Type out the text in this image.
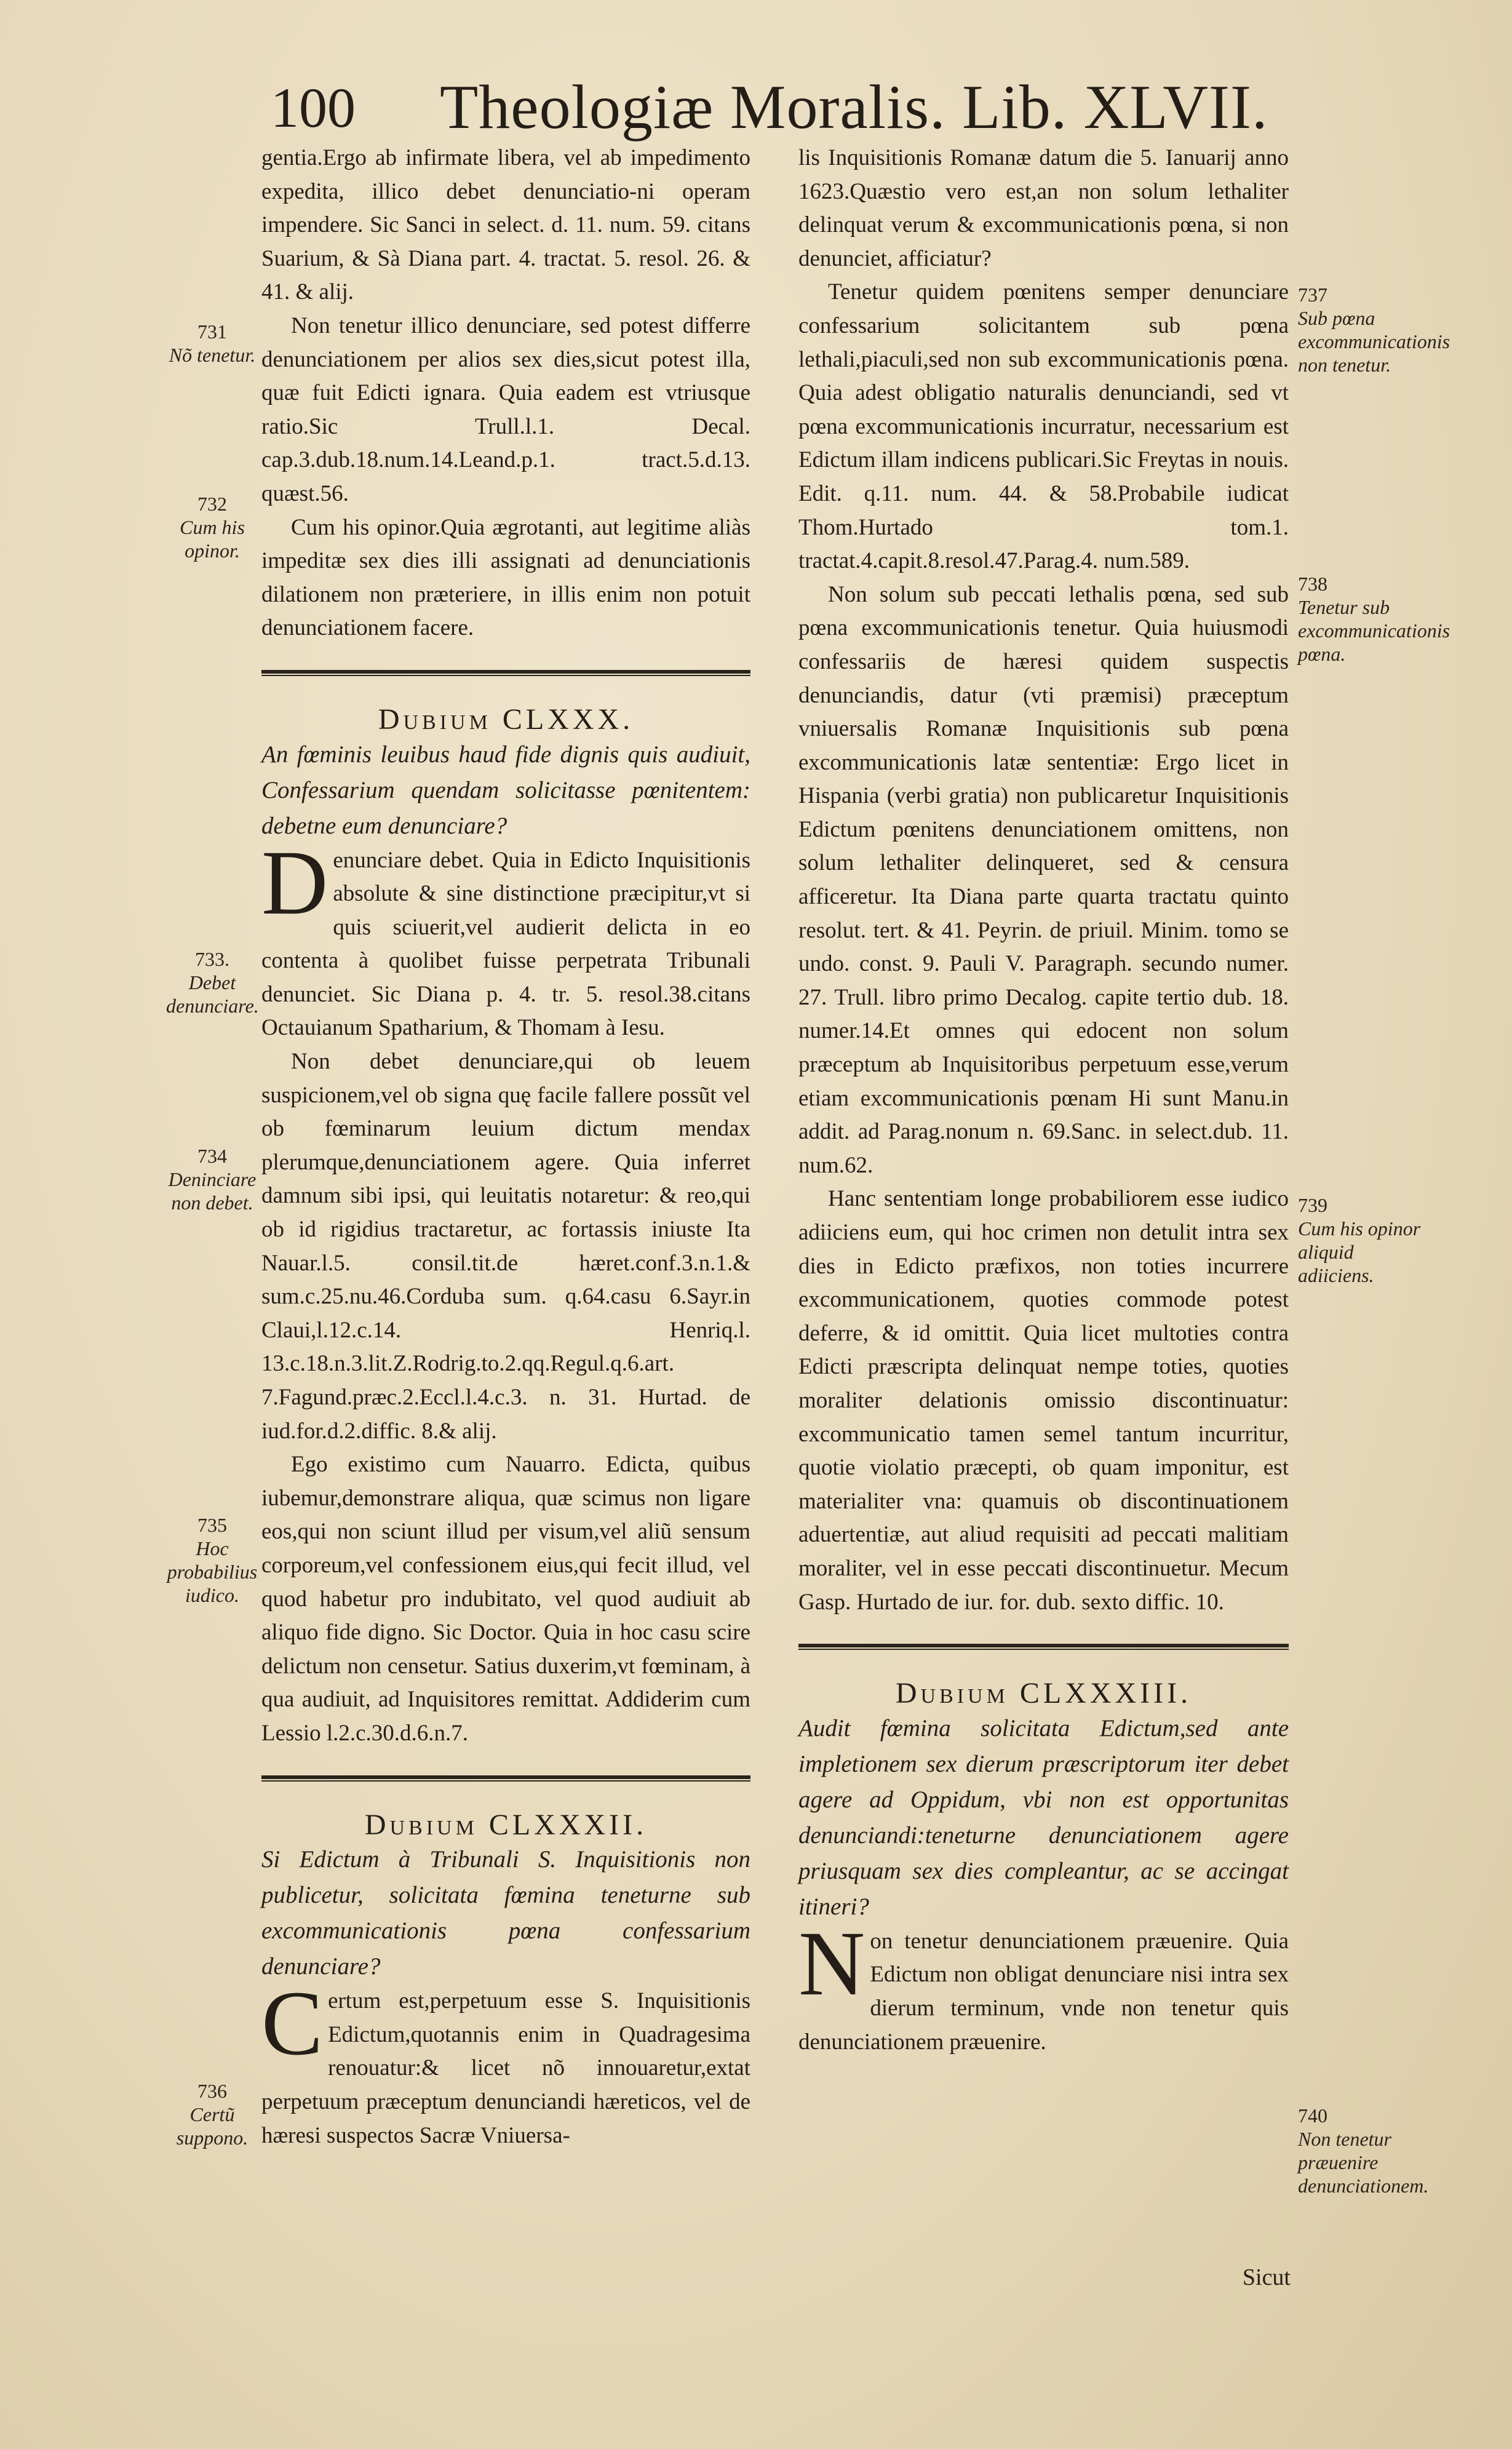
100 Theologiæ Moralis. Lib. XLVII.

gentia.Ergo ab infirmate libera, vel ab impedimento expedita, illico debet denunciatio-ni operam impendere. Sic Sanci in select. d. 11. num. 59. citans Suarium, & Sà Diana part. 4. tractat. 5. resol. 26. & 41. & alij.

Non tenetur illico denunciare, sed potest differre denunciationem per alios sex dies,sicut potest illa, quæ fuit Edicti ignara. Quia eadem est vtriusque ratio.Sic Trull.l.1. Decal. cap.3.dub.18.num.14.Leand.p.1. tract.5.d.13. quæst.56.

Cum his opinor.Quia ægrotanti, aut legitime aliàs impeditæ sex dies illi assignati ad denunciationis dilationem non præteriere, in illis enim non potuit denunciationem facere.

Dubium CLXXX.

An fœminis leuibus haud fide dignis quis audiuit, Confessarium quendam solicitasse pœnitentem: debetne eum denunciare?

Denunciare debet. Quia in Edicto Inquisitionis absolute & sine distinctione præcipitur,vt si quis sciuerit,vel audierit delicta in eo contenta à quolibet fuisse perpetrata Tribunali denunciet. Sic Diana p. 4. tr. 5. resol.38.citans Octauianum Spatharium, & Thomam à Iesu.

Non debet denunciare,qui ob leuem suspicionem,vel ob signa quę facile fallere possũt vel ob fœminarum leuium dictum mendax plerumque,denunciationem agere. Quia inferret damnum sibi ipsi, qui leuitatis notaretur: & reo,qui ob id rigidius tractaretur, ac fortassis iniuste Ita Nauar.l.5. consil.tit.de hæret.conf.3.n.1.& sum.c.25.nu.46.Corduba sum. q.64.casu 6.Sayr.in Claui,l.12.c.14. Henriq.l. 13.c.18.n.3.lit.Z.Rodrig.to.2.qq.Regul.q.6.art. 7.Fagund.præc.2.Eccl.l.4.c.3. n. 31. Hurtad. de iud.for.d.2.diffic. 8.& alij.

Ego existimo cum Nauarro. Edicta, quibus iubemur,demonstrare aliqua, quæ scimus non ligare eos,qui non sciunt illud per visum,vel aliũ sensum corporeum,vel confessionem eius,qui fecit illud, vel quod habetur pro indubitato, vel quod audiuit ab aliquo fide digno. Sic Doctor. Quia in hoc casu scire delictum non censetur. Satius duxerim,vt fœminam, à qua audiuit, ad Inquisitores remittat. Addiderim cum Lessio l.2.c.30.d.6.n.7.

Dubium CLXXXII.

Si Edictum à Tribunali S. Inquisitionis non publicetur, solicitata fœmina teneturne sub excommunicationis pœna confessarium denunciare?

Certum est,perpetuum esse S. Inquisitionis Edictum,quotannis enim in Quadragesima renouatur:& licet nõ innouaretur,extat perpetuum præceptum denunciandi hæreticos, vel de hæresi suspectos Sacræ Vniuersa-

lis Inquisitionis Romanæ datum die 5. Ianuarij anno 1623.Quæstio vero est,an non solum lethaliter delinquat verum & excommunicationis pœna, si non denunciet, afficiatur?

Tenetur quidem pœnitens semper denunciare confessarium solicitantem sub pœna lethali,piaculi,sed non sub excommunicationis pœna. Quia adest obligatio naturalis denunciandi, sed vt pœna excommunicationis incurratur, necessarium est Edictum illam indicens publicari.Sic Freytas in nouis. Edit. q.11. num. 44. & 58.Probabile iudicat Thom.Hurtado tom.1. tractat.4.capit.8.resol.47.Parag.4. num.589.

Non solum sub peccati lethalis pœna, sed sub pœna excommunicationis tenetur. Quia huiusmodi confessariis de hæresi quidem suspectis denunciandis, datur (vti præmisi) præceptum vniuersalis Romanæ Inquisitionis sub pœna excommunicationis latæ sententiæ: Ergo licet in Hispania (verbi gratia) non publicaretur Inquisitionis Edictum pœnitens denunciationem omittens, non solum lethaliter delinqueret, sed & censura afficeretur. Ita Diana parte quarta tractatu quinto resolut. tert. & 41. Peyrin. de priuil. Minim. tomo se undo. const. 9. Pauli V. Paragraph. secundo numer. 27. Trull. libro primo Decalog. capite tertio dub. 18. numer.14.Et omnes qui edocent non solum præceptum ab Inquisitoribus perpetuum esse,verum etiam excommunicationis pœnam Hi sunt Manu.in addit. ad Parag.nonum n. 69.Sanc. in select.dub. 11. num.62.

Hanc sententiam longe probabiliorem esse iudico adiiciens eum, qui hoc crimen non detulit intra sex dies in Edicto præfixos, non toties incurrere excommunicationem, quoties commode potest deferre, & id omittit. Quia licet multoties contra Edicti præscripta delinquat nempe toties, quoties moraliter delationis omissio discontinuatur: excommunicatio tamen semel tantum incurritur, quotie violatio præcepti, ob quam imponitur, est materialiter vna: quamuis ob discontinuationem aduertentiæ, aut aliud requisiti ad peccati malitiam moraliter, vel in esse peccati discontinuetur. Mecum Gasp. Hurtado de iur. for. dub. sexto diffic. 10.

Dubium CLXXXIII.

Audit fœmina solicitata Edictum,sed ante impletionem sex dierum præscriptorum iter debet agere ad Oppidum, vbi non est opportunitas denunciandi:teneturne denunciationem agere priusquam sex dies compleantur, ac se accingat itineri?

Non tenetur denunciationem præuenire. Quia Edictum non obligat denunciare nisi intra sex dierum terminum, vnde non tenetur quis denunciationem præuenire.

Sicut
731
Nõ tenetur.
732
Cum his opinor.
733.
Debet denunciare.
734
Deninciare non debet.
735
Hoc probabilius iudico.
736
Certũ suppono.
737
Sub pœna excommunicationis non tenetur.
738
Tenetur sub excommunicationis pœna.
739
Cum his opinor aliquid adiiciens.
740
Non tenetur præuenire denunciationem.
